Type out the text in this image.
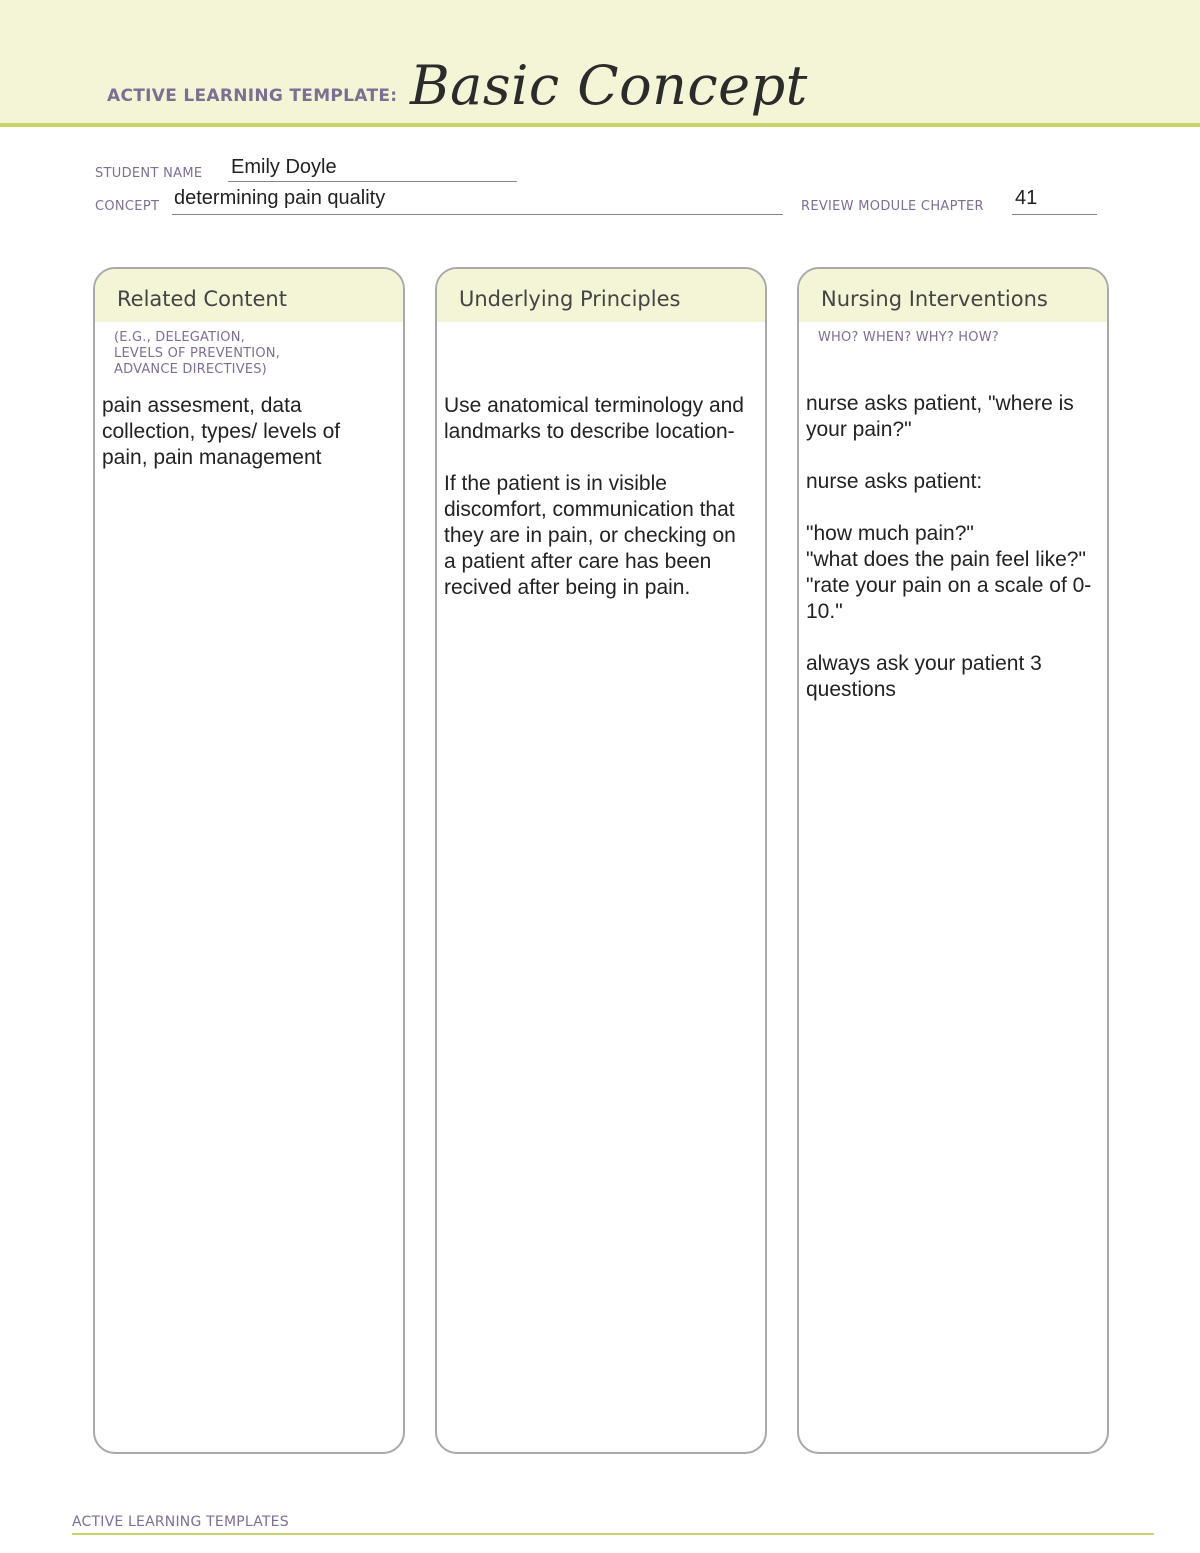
ACTIVE LEARNING TEMPLATE: Basic Concept
STUDENT NAME Emily Doyle
CONCEPT determining pain quality	REVIEW MODULE CHAPTER 41
Related Content
(E.G., DELEGATION,
LEVELS OF PREVENTION,
ADVANCE DIRECTIVES)

pain assesment, data collection, types/ levels of pain, pain management

Underlying Principles

Use anatomical terminology and landmarks to describe location-

If the patient is in visible discomfort, communication that they are in pain, or checking on a patient after care has been recived after being in pain.

Nursing Interventions
WHO? WHEN? WHY? HOW?

nurse asks patient, "where is your pain?"

nurse asks patient:

"how much pain?"

"what does the pain feel like?"

"rate your pain on a scale of 0-10."

always ask your patient 3 questions

ACTIVE LEARNING TEMPLATES
